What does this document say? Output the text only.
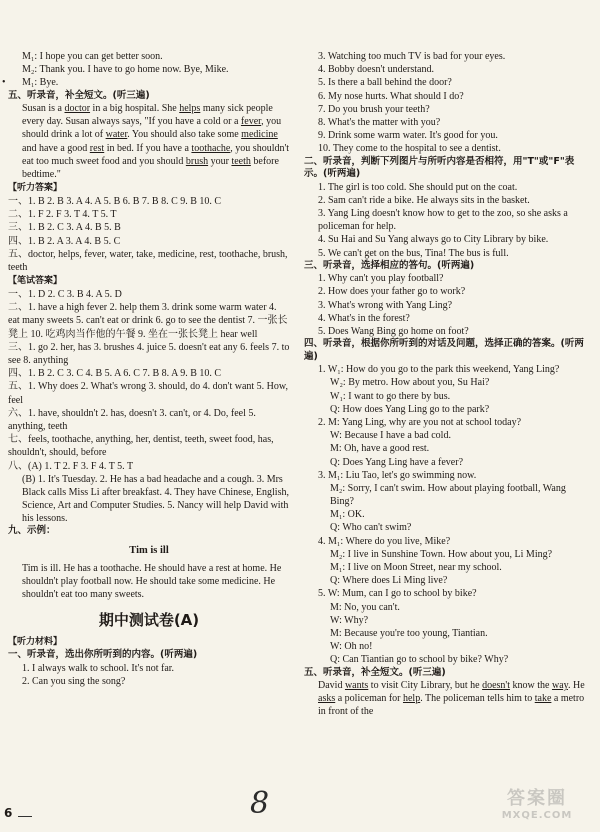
•
M₁: I hope you can get better soon.
M₂: Thank you. I have to go home now. Bye, Mike.
M₁: Bye.
五、听录音，补全短文。(听三遍)
Susan is a doctor in a big hospital. She helps many sick people every day. Susan always says, "If you have a cold or a fever, you should drink a lot of water. You should also take some medicine and have a good rest in bed. If you have a toothache, you shouldn't eat too much sweet food and you should brush your teeth before bedtime."
【听力答案】
一、1. B 2. B 3. A 4. A 5. B 6. B 7. B 8. C 9. B 10. C
二、1. F 2. F 3. T 4. T 5. T
三、1. B 2. C 3. A 4. B 5. B
四、1. B 2. A 3. A 4. B 5. C
五、doctor, helps, fever, water, take, medicine, rest, toothache, brush, teeth
【笔试答案】
一、1. D 2. C 3. B 4. A 5. D
二、1. have a high fever 2. help them 3. drink some warm water 4. eat many sweets 5. can't eat or drink 6. go to see the dentist 7. 一张长凳上 10. 吃鸡肉当作他的午餐 9. 坐在一张长凳上 hear well
三、1. go 2. her, has 3. brushes 4. juice 5. doesn't eat any 6. feels 7. to see 8. anything
四、1. B 2. C 3. C 4. B 5. A 6. C 7. B 8. A 9. B 10. C
五、1. Why does 2. What's wrong 3. should, do 4. don't want 5. How, feel
六、1. have, shouldn't 2. has, doesn't 3. can't, or 4. Do, feel 5. anything, teeth
七、feels, toothache, anything, her, dentist, teeth, sweet food, has, shouldn't, should, before
八、(A) 1. T 2. F 3. F 4. T 5. T
(B) 1. It's Tuesday. 2. He has a bad headache and a cough. 3. Mrs Black calls Miss Li after breakfast. 4. They have Chinese, English, Science, Art and Computer Studies. 5. Nancy will help David with his lessons.
九、示例：
Tim is ill
Tim is ill. He has a toothache. He should have a rest at home. He shouldn't play football now. He should take some medicine. He shouldn't eat too many sweets.
期中测试卷(A)
【听力材料】
一、听录音，选出你所听到的内容。(听两遍)
1. I always walk to school. It's not far.
2. Can you sing the song?
3. Watching too much TV is bad for your eyes.
4. Bobby doesn't understand.
5. Is there a ball behind the door?
6. My nose hurts. What should I do?
7. Do you brush your teeth?
8. What's the matter with you?
9. Drink some warm water. It's good for you.
10. They come to the hospital to see a dentist.
二、听录音，判断下列图片与所听内容是否相符，用"T"或"F"表示。(听两遍)
1. The girl is too cold. She should put on the coat.
2. Sam can't ride a bike. He always sits in the basket.
3. Yang Ling doesn't know how to get to the zoo, so she asks a policeman for help.
4. Su Hai and Su Yang always go to City Library by bike.
5. We can't get on the bus, Tina! The bus is full.
三、听录音，选择相应的答句。(听两遍)
1. Why can't you play football?
2. How does your father go to work?
3. What's wrong with Yang Ling?
4. What's in the forest?
5. Does Wang Bing go home on foot?
四、听录音，根据你所听到的对话及问题，选择正确的答案。(听两遍)
1. W₁: How do you go to the park this weekend, Yang Ling?
W₂: By metro. How about you, Su Hai?
W₁: I want to go there by bus.
Q: How does Yang Ling go to the park?
2. M: Yang Ling, why are you not at school today?
W: Because I have a bad cold.
M: Oh, have a good rest.
Q: Does Yang Ling have a fever?
3. M₁: Liu Tao, let's go swimming now.
M₂: Sorry, I can't swim. How about playing football, Wang Bing?
M₁: OK.
Q: Who can't swim?
4. M₁: Where do you live, Mike?
M₂: I live in Sunshine Town. How about you, Li Ming?
M₁: I live on Moon Street, near my school.
Q: Where does Li Ming live?
5. W: Mum, can I go to school by bike?
M: No, you can't.
W: Why?
M: Because you're too young, Tiantian.
W: Oh no!
Q: Can Tiantian go to school by bike? Why?
五、听录音，补全短文。(听三遍)
David wants to visit City Library, but he doesn't know the way. He asks a policeman for help. The policeman tells him to take a metro in front of the
6	8	答案圈
MXQE.COM
